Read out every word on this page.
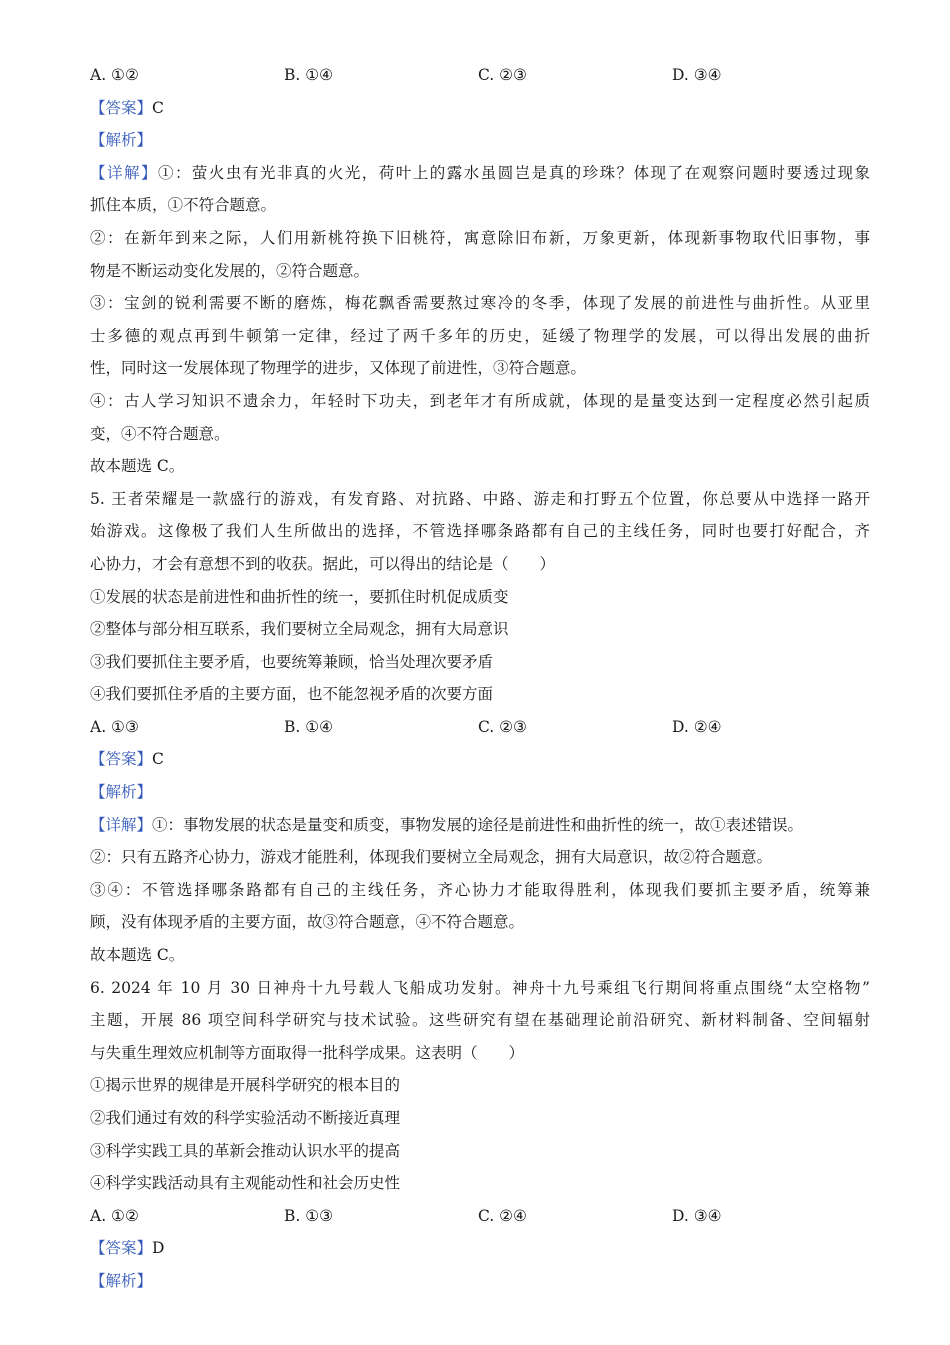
A. ①②	B. ①④	C. ②③	D. ③④
【答案】C
【解析】
【详解】①：萤火虫有光非真的火光，荷叶上的露水虽圆岂是真的珍珠？体现了在观察问题时要透过现象
抓住本质，①不符合题意。
②：在新年到来之际，人们用新桃符换下旧桃符，寓意除旧布新，万象更新，体现新事物取代旧事物，事
物是不断运动变化发展的，②符合题意。
③：宝剑的锐利需要不断的磨炼，梅花飘香需要熬过寒冷的冬季，体现了发展的前进性与曲折性。从亚里
士多德的观点再到牛顿第一定律，经过了两千多年的历史，延缓了物理学的发展，可以得出发展的曲折
性，同时这一发展体现了物理学的进步，又体现了前进性，③符合题意。
④：古人学习知识不遗余力，年轻时下功夫，到老年才有所成就，体现的是量变达到一定程度必然引起质
变，④不符合题意。
故本题选 C。
5. 王者荣耀是一款盛行的游戏，有发育路、对抗路、中路、游走和打野五个位置，你总要从中选择一路开
始游戏。这像极了我们人生所做出的选择，不管选择哪条路都有自己的主线任务，同时也要打好配合，齐
心协力，才会有意想不到的收获。据此，可以得出的结论是（　　）
①发展的状态是前进性和曲折性的统一，要抓住时机促成质变
②整体与部分相互联系，我们要树立全局观念，拥有大局意识
③我们要抓住主要矛盾，也要统筹兼顾，恰当处理次要矛盾
④我们要抓住矛盾的主要方面，也不能忽视矛盾的次要方面
A. ①③	B. ①④	C. ②③	D. ②④
【答案】C
【解析】
【详解】①：事物发展的状态是量变和质变，事物发展的途径是前进性和曲折性的统一，故①表述错误。
②：只有五路齐心协力，游戏才能胜利，体现我们要树立全局观念，拥有大局意识，故②符合题意。
③④：不管选择哪条路都有自己的主线任务，齐心协力才能取得胜利，体现我们要抓主要矛盾，统筹兼
顾，没有体现矛盾的主要方面，故③符合题意，④不符合题意。
故本题选 C。
6. 2024 年 10 月 30 日神舟十九号载人飞船成功发射。神舟十九号乘组飞行期间将重点围绕“太空格物”
主题，开展 86 项空间科学研究与技术试验。这些研究有望在基础理论前沿研究、新材料制备、空间辐射
与失重生理效应机制等方面取得一批科学成果。这表明（　　）
①揭示世界的规律是开展科学研究的根本目的
②我们通过有效的科学实验活动不断接近真理
③科学实践工具的革新会推动认识水平的提高
④科学实践活动具有主观能动性和社会历史性
A. ①②	B. ①③	C. ②④	D. ③④
【答案】D
【解析】
